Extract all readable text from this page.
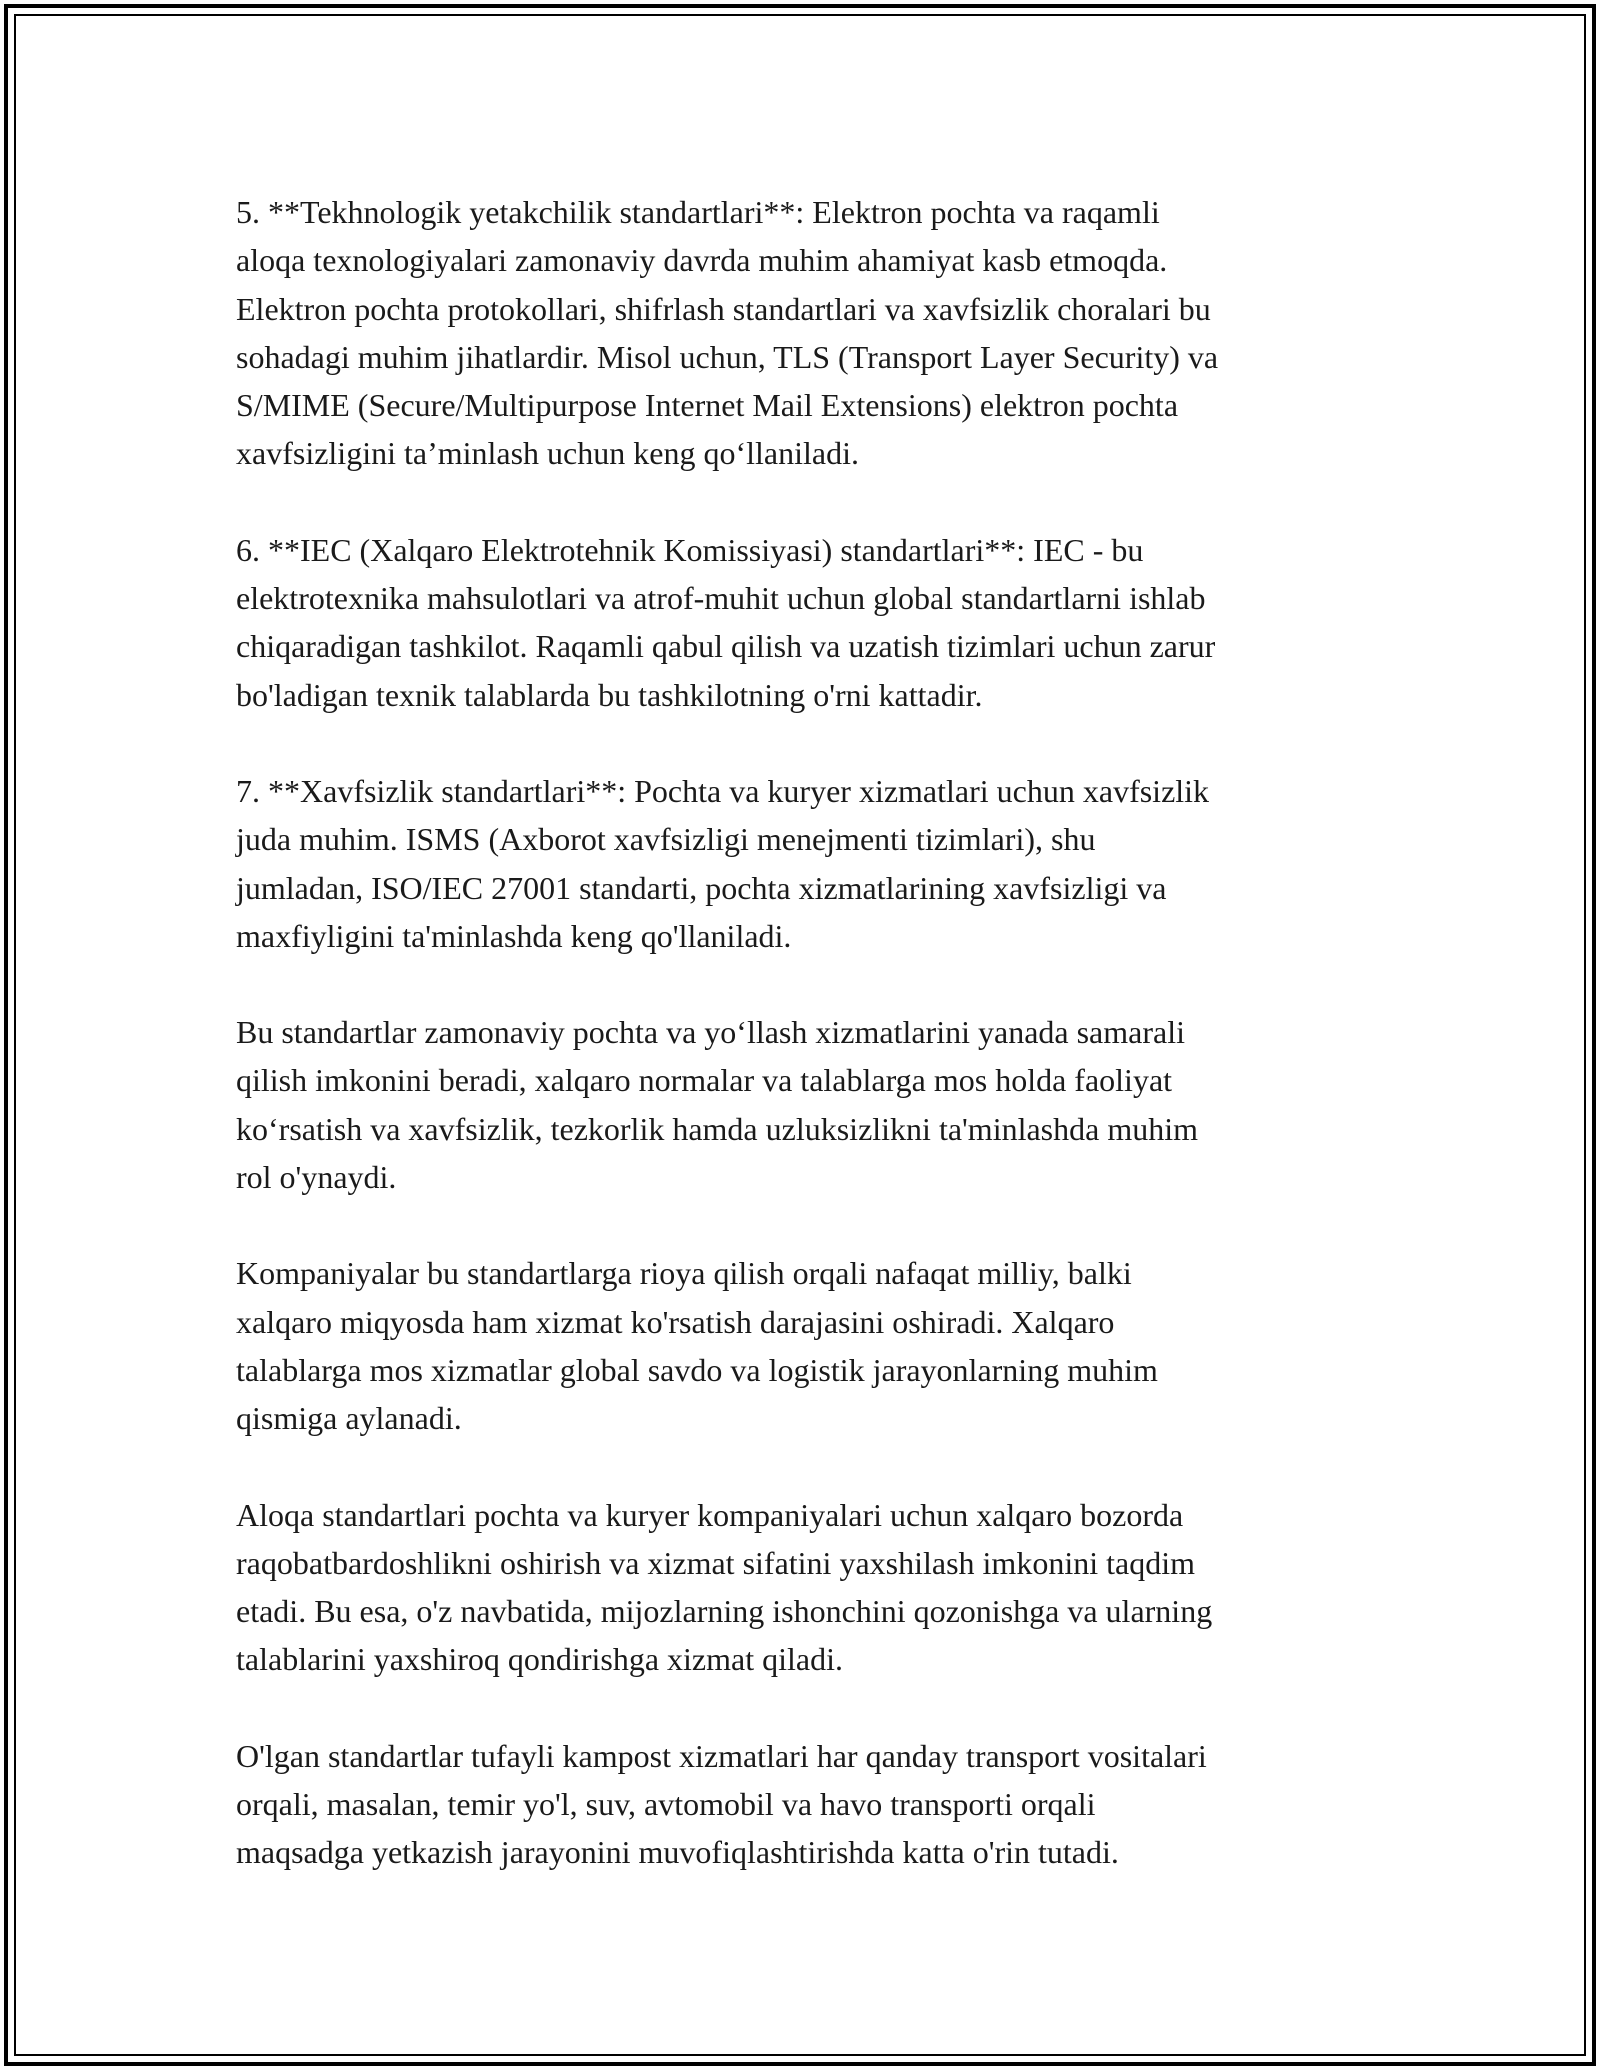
5. **Tekhnologik yetakchilik standartlari**: Elektron pochta va raqamli
aloqa texnologiyalari zamonaviy davrda muhim ahamiyat kasb etmoqda.
Elektron pochta protokollari, shifrlash standartlari va xavfsizlik choralari bu
sohadagi muhim jihatlardir. Misol uchun, TLS (Transport Layer Security) va
S/MIME (Secure/Multipurpose Internet Mail Extensions) elektron pochta
xavfsizligini ta’minlash uchun keng qo‘llaniladi.

6. **IEC (Xalqaro Elektrotehnik Komissiyasi) standartlari**: IEC - bu
elektrotexnika mahsulotlari va atrof-muhit uchun global standartlarni ishlab
chiqaradigan tashkilot. Raqamli qabul qilish va uzatish tizimlari uchun zarur
bo'ladigan texnik talablarda bu tashkilotning o'rni kattadir.

7. **Xavfsizlik standartlari**: Pochta va kuryer xizmatlari uchun xavfsizlik
juda muhim. ISMS (Axborot xavfsizligi menejmenti tizimlari), shu
jumladan, ISO/IEC 27001 standarti, pochta xizmatlarining xavfsizligi va
maxfiyligini ta'minlashda keng qo'llaniladi.

Bu standartlar zamonaviy pochta va yo‘llash xizmatlarini yanada samarali
qilish imkonini beradi, xalqaro normalar va talablarga mos holda faoliyat
ko‘rsatish va xavfsizlik, tezkorlik hamda uzluksizlikni ta'minlashda muhim
rol o'ynaydi.

Kompaniyalar bu standartlarga rioya qilish orqali nafaqat milliy, balki
xalqaro miqyosda ham xizmat ko'rsatish darajasini oshiradi. Xalqaro
talablarga mos xizmatlar global savdo va logistik jarayonlarning muhim
qismiga aylanadi.

Aloqa standartlari pochta va kuryer kompaniyalari uchun xalqaro bozorda
raqobatbardoshlikni oshirish va xizmat sifatini yaxshilash imkonini taqdim
etadi. Bu esa, o'z navbatida, mijozlarning ishonchini qozonishga va ularning
talablarini yaxshiroq qondirishga xizmat qiladi.

O'lgan standartlar tufayli kampost xizmatlari har qanday transport vositalari
orqali, masalan, temir yo'l, suv, avtomobil va havo transporti orqali
maqsadga yetkazish jarayonini muvofiqlashtirishda katta o'rin tutadi.
